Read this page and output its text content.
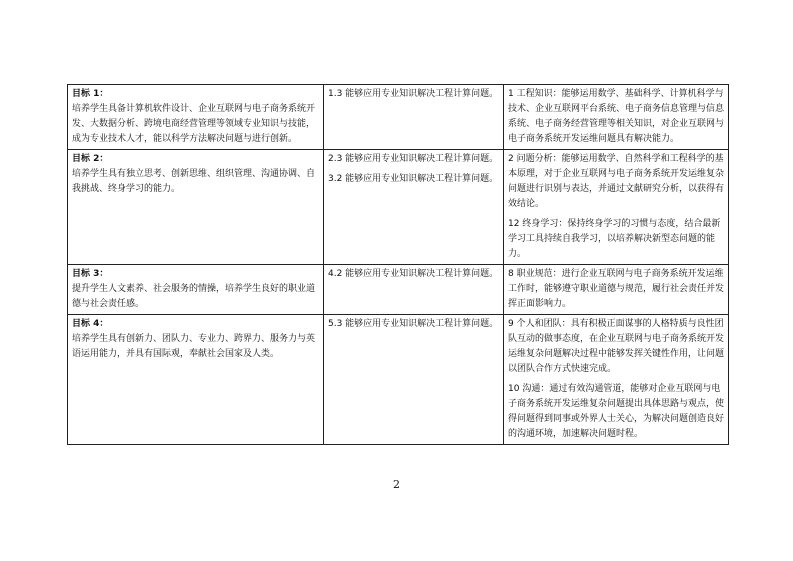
目标 1：
培养学生具备计算机软件设计、企业互联网与电子商务系统开发、大数据分析、跨境电商经营管理等领域专业知识与技能，成为专业技术人才，能以科学方法解决问题与进行创新。	1.3 能够应用专业知识解决工程计算问题。	1 工程知识：能够运用数学、基础科学、计算机科学与技术、企业互联网平台系统、电子商务信息管理与信息系统、电子商务经营管理等相关知识，对企业互联网与电子商务系统开发运维问题具有解决能力。

目标 2：
培养学生具有独立思考、创新思维、组织管理、沟通协调、自我挑战、终身学习的能力。	2.3 能够应用专业知识解决工程计算问题。
3.2 能够应用专业知识解决工程计算问题。	2 问题分析：能够运用数学、自然科学和工程科学的基本原理，对于企业互联网与电子商务系统开发运维复杂问题进行识别与表达，并通过文献研究分析，以获得有效结论。
12 终身学习：保持终身学习的习惯与态度，结合最新学习工具持续自我学习，以培养解决新型态问题的能力。

目标 3：
提升学生人文素养、社会服务的情操，培养学生良好的职业道德与社会责任感。	4.2 能够应用专业知识解决工程计算问题。	8 职业规范：进行企业互联网与电子商务系统开发运维工作时，能够遵守职业道德与规范，履行社会责任并发挥正面影响力。

目标 4：
培养学生具有创新力、团队力、专业力、跨界力、服务力与英语运用能力，并具有国际观，奉献社会国家及人类。	5.3 能够应用专业知识解决工程计算问题。	9 个人和团队：具有积极正面谋事的人格特质与良性团队互动的做事态度，在企业互联网与电子商务系统开发运维复杂问题解决过程中能够发挥关键性作用，让问题以团队合作方式快速完成。
10 沟通：通过有效沟通管道，能够对企业互联网与电子商务系统开发运维复杂问题提出具体思路与观点，使得问题得到同事或外界人士关心，为解决问题创造良好的沟通环境，加速解决问题时程。
2
